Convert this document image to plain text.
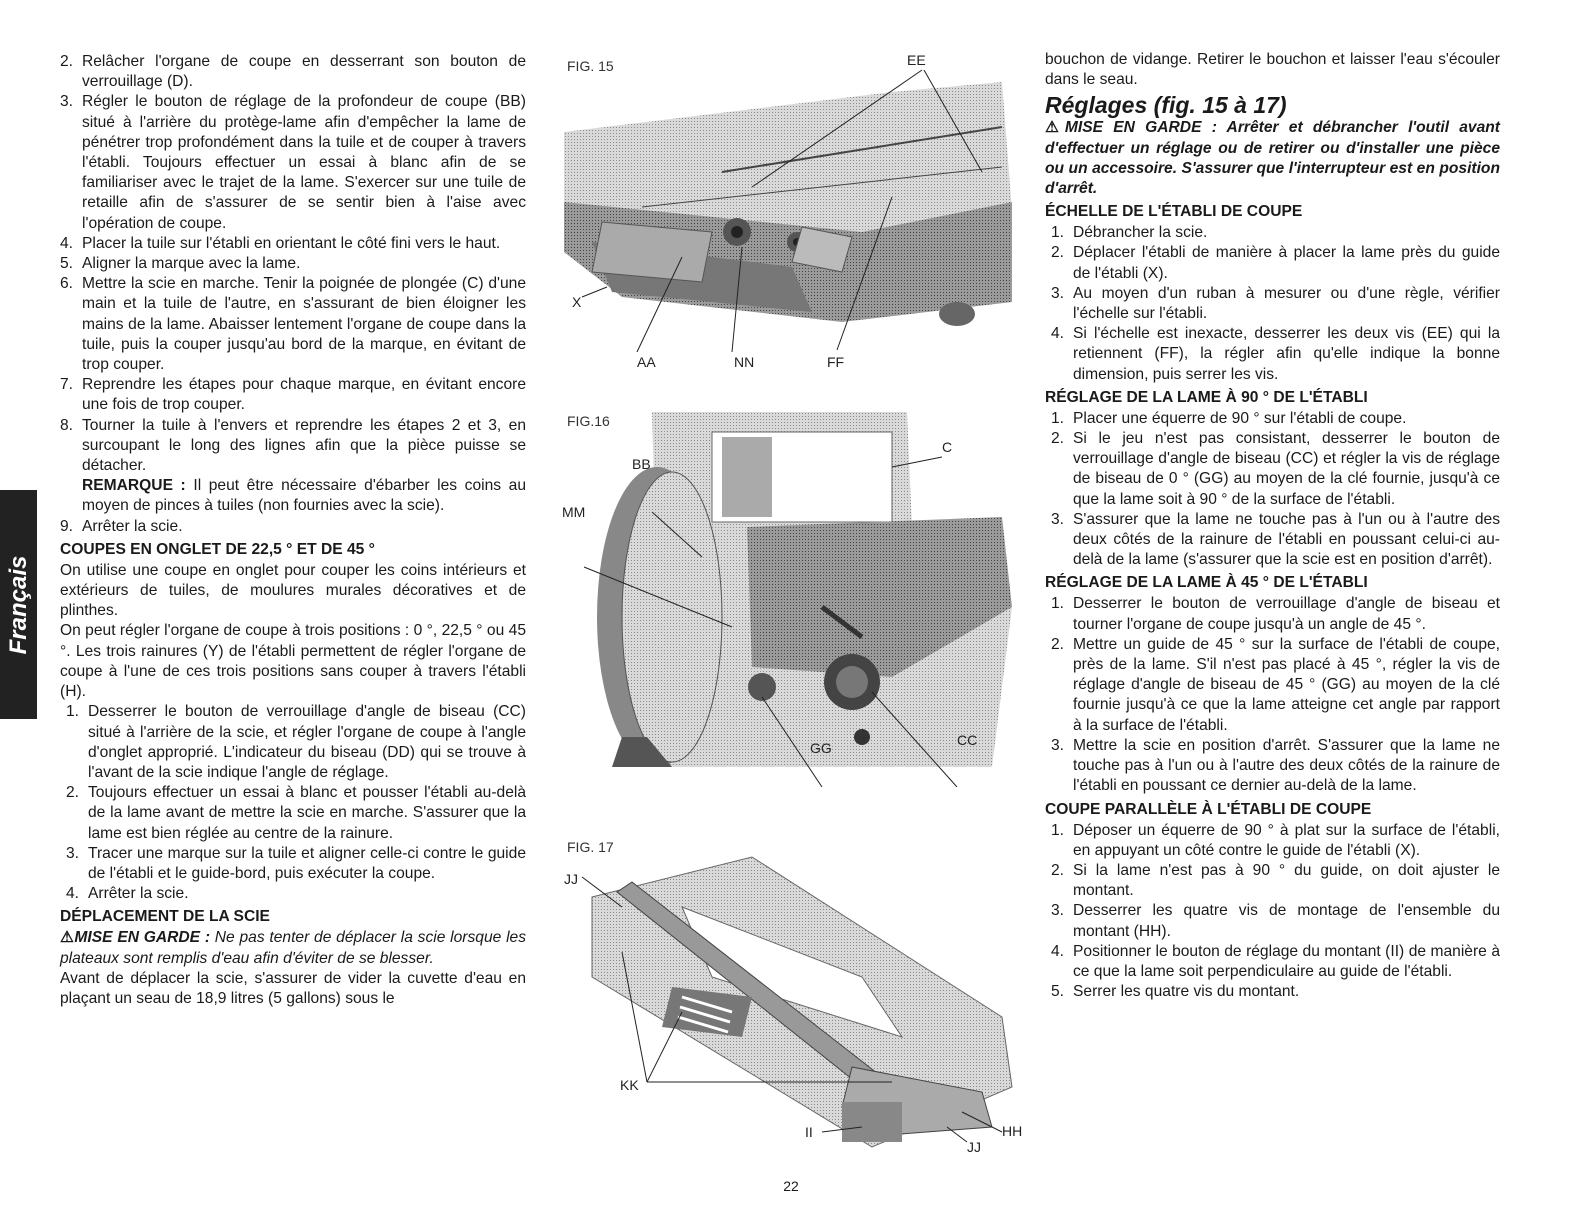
Français
2. Relâcher l'organe de coupe en desserrant son bouton de verrouillage (D).
3. Régler le bouton de réglage de la profondeur de coupe (BB) situé à l'arrière du protège-lame afin d'empêcher la lame de pénétrer trop profondément dans la tuile et de couper à travers l'établi. Toujours effectuer un essai à blanc afin de se familiariser avec le trajet de la lame. S'exercer sur une tuile de retaille afin de s'assurer de se sentir bien à l'aise avec l'opération de coupe.
4. Placer la tuile sur l'établi en orientant le côté fini vers le haut.
5. Aligner la marque avec la lame.
6. Mettre la scie en marche. Tenir la poignée de plongée (C) d'une main et la tuile de l'autre, en s'assurant de bien éloigner les mains de la lame. Abaisser lentement l'organe de coupe dans la tuile, puis la couper jusqu'au bord de la marque, en évitant de trop couper.
7. Reprendre les étapes pour chaque marque, en évitant encore une fois de trop couper.
8. Tourner la tuile à l'envers et reprendre les étapes 2 et 3, en surcoupant le long des lignes afin que la pièce puisse se détacher.
REMARQUE : Il peut être nécessaire d'ébarber les coins au moyen de pinces à tuiles (non fournies avec la scie).
9. Arrêter la scie.
COUPES EN ONGLET DE 22,5 ° ET DE 45 °

On utilise une coupe en onglet pour couper les coins intérieurs et extérieurs de tuiles, de moulures murales décoratives et de plinthes.

On peut régler l'organe de coupe à trois positions : 0 °, 22,5 ° ou 45 °. Les trois rainures (Y) de l'établi permettent de régler l'organe de coupe à l'une de ces trois positions sans couper à travers l'établi (H).

1. Desserrer le bouton de verrouillage d'angle de biseau (CC) situé à l'arrière de la scie, et régler l'organe de coupe à l'angle d'onglet approprié. L'indicateur du biseau (DD) qui se trouve à l'avant de la scie indique l'angle de réglage.
2. Toujours effectuer un essai à blanc et pousser l'établi au-delà de la lame avant de mettre la scie en marche. S'assurer que la lame est bien réglée au centre de la rainure.
3. Tracer une marque sur la tuile et aligner celle-ci contre le guide de l'établi et le guide-bord, puis exécuter la coupe.
4. Arrêter la scie.
DÉPLACEMENT DE LA SCIE

⚠MISE EN GARDE : Ne pas tenter de déplacer la scie lorsque les plateaux sont remplis d'eau afin d'éviter de se blesser.

Avant de déplacer la scie, s'assurer de vider la cuvette d'eau en plaçant un seau de 18,9 litres (5 gallons) sous le

FIG. 15	EE
X
AA	NN	FF
FIG.16
BB
C
MM
GG	CC
FIG. 17
JJ
KK
II	HH
JJ

bouchon de vidange. Retirer le bouchon et laisser l'eau s'écouler dans le seau.

Réglages (fig. 15 à 17)

⚠MISE EN GARDE : Arrêter et débrancher l'outil avant d'effectuer un réglage ou de retirer ou d'installer une pièce ou un accessoire. S'assurer que l'interrupteur est en position d'arrêt.

ÉCHELLE DE L'ÉTABLI DE COUPE
1. Débrancher la scie.
2. Déplacer l'établi de manière à placer la lame près du guide de l'établi (X).
3. Au moyen d'un ruban à mesurer ou d'une règle, vérifier l'échelle sur l'établi.
4. Si l'échelle est inexacte, desserrer les deux vis (EE) qui la retiennent (FF), la régler afin qu'elle indique la bonne dimension, puis serrer les vis.
RÉGLAGE DE LA LAME À 90 ° DE L'ÉTABLI
1. Placer une équerre de 90 ° sur l'établi de coupe.
2. Si le jeu n'est pas consistant, desserrer le bouton de verrouillage d'angle de biseau (CC) et régler la vis de réglage de biseau de 0 ° (GG) au moyen de la clé fournie, jusqu'à ce que la lame soit à 90 ° de la surface de l'établi.
3. S'assurer que la lame ne touche pas à l'un ou à l'autre des deux côtés de la rainure de l'établi en poussant celui-ci au-delà de la lame (s'assurer que la scie est en position d'arrêt).
RÉGLAGE DE LA LAME À 45 ° DE L'ÉTABLI
1. Desserrer le bouton de verrouillage d'angle de biseau et tourner l'organe de coupe jusqu'à un angle de 45 °.
2. Mettre un guide de 45 ° sur la surface de l'établi de coupe, près de la lame. S'il n'est pas placé à 45 °, régler la vis de réglage d'angle de biseau de 45 ° (GG) au moyen de la clé fournie jusqu'à ce que la lame atteigne cet angle par rapport à la surface de l'établi.
3. Mettre la scie en position d'arrêt. S'assurer que la lame ne touche pas à l'un ou à l'autre des deux côtés de la rainure de l'établi en poussant ce dernier au-delà de la lame.
COUPE PARALLÈLE À L'ÉTABLI DE COUPE
1. Déposer un équerre de 90 ° à plat sur la surface de l'établi, en appuyant un côté contre le guide de l'établi (X).
2. Si la lame n'est pas à 90 ° du guide, on doit ajuster le montant.
3. Desserrer les quatre vis de montage de l'ensemble du montant (HH).
4. Positionner le bouton de réglage du montant (II) de manière à ce que la lame soit perpendiculaire au guide de l'établi.
5. Serrer les quatre vis du montant.
22
